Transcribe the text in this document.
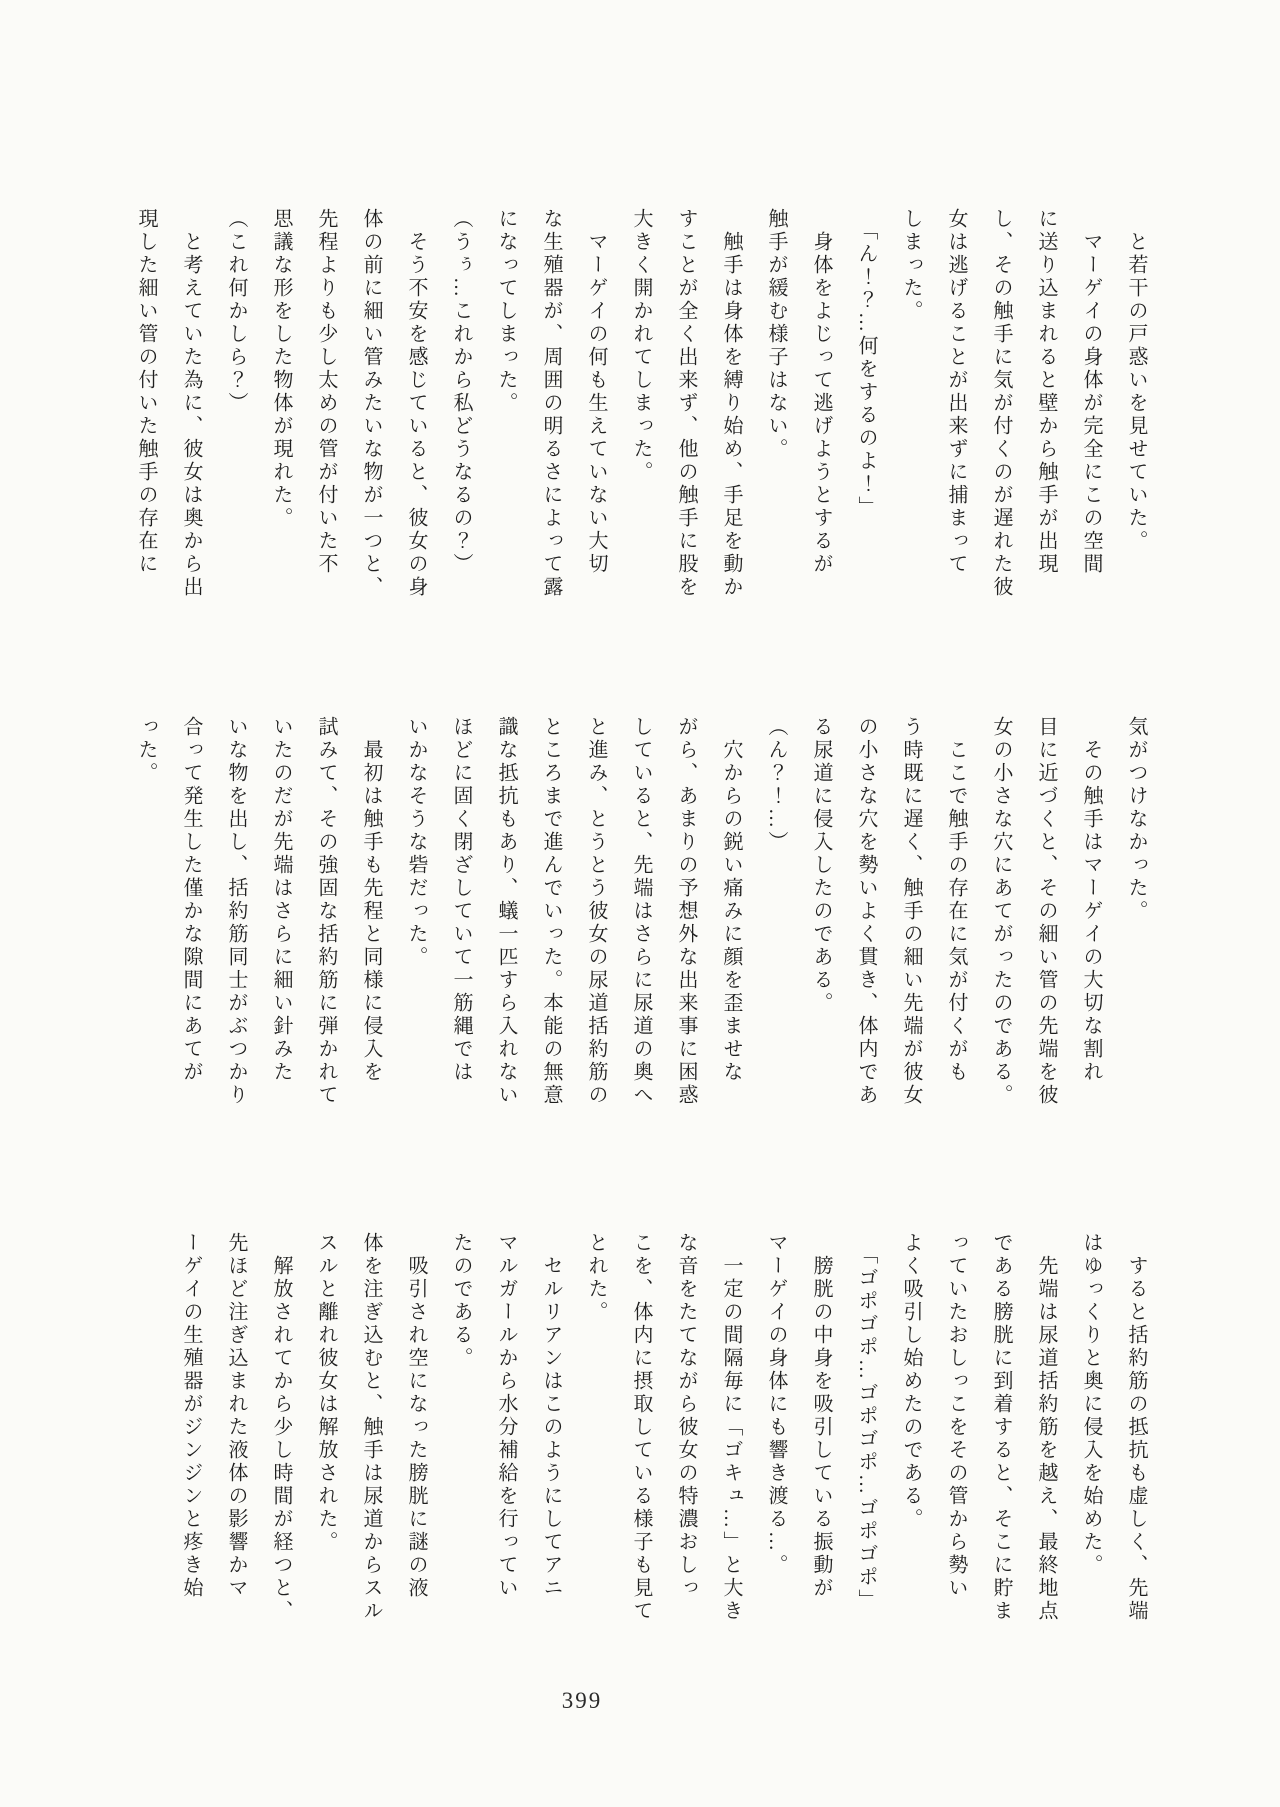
と若干の戸惑いを見せていた。

マーゲイの身体が完全にこの空間

に送り込まれると壁から触手が出現

し、その触手に気が付くのが遅れた彼

女は逃げることが出来ずに捕まって

しまった。

「ん！？…何をするのよ！」

身体をよじって逃げようとするが

触手が緩む様子はない。

触手は身体を縛り始め、手足を動か

すことが全く出来ず、他の触手に股を

大きく開かれてしまった。

マーゲイの何も生えていない大切

な生殖器が、周囲の明るさによって露

になってしまった。

（うぅ…これから私どうなるの？）

そう不安を感じていると、彼女の身

体の前に細い管みたいな物が一つと、

先程よりも少し太めの管が付いた不

思議な形をした物体が現れた。

（これ何かしら？）

と考えていた為に、彼女は奥から出

現した細い管の付いた触手の存在に

気がつけなかった。

その触手はマーゲイの大切な割れ

目に近づくと、その細い管の先端を彼

女の小さな穴にあてがったのである。

ここで触手の存在に気が付くがも

う時既に遅く、触手の細い先端が彼女

の小さな穴を勢いよく貫き、体内であ

る尿道に侵入したのである。

（ん？！…）

穴からの鋭い痛みに顔を歪ませな

がら、あまりの予想外な出来事に困惑

していると、先端はさらに尿道の奥へ

と進み、とうとう彼女の尿道括約筋の

ところまで進んでいった。本能の無意

識な抵抗もあり、蟻一匹すら入れない

ほどに固く閉ざしていて一筋縄では

いかなそうな砦だった。

最初は触手も先程と同様に侵入を

試みて、その強固な括約筋に弾かれて

いたのだが先端はさらに細い針みた

いな物を出し、括約筋同士がぶつかり

合って発生した僅かな隙間にあてが

った。

すると括約筋の抵抗も虚しく、先端

はゆっくりと奥に侵入を始めた。

先端は尿道括約筋を越え、最終地点

である膀胱に到着すると、そこに貯ま

っていたおしっこをその管から勢い

よく吸引し始めたのである。

「ゴポゴポ…ゴポゴポ…ゴポゴポ」

膀胱の中身を吸引している振動が

マーゲイの身体にも響き渡る…。

一定の間隔毎に「ゴキュ…」と大き

な音をたてながら彼女の特濃おしっ

こを、体内に摂取している様子も見て

とれた。

セルリアンはこのようにしてアニ

マルガールから水分補給を行ってい

たのである。

吸引され空になった膀胱に謎の液

体を注ぎ込むと、触手は尿道からスル

スルと離れ彼女は解放された。

解放されてから少し時間が経つと、

先ほど注ぎ込まれた液体の影響かマ

ーゲイの生殖器がジンジンと疼き始

399
